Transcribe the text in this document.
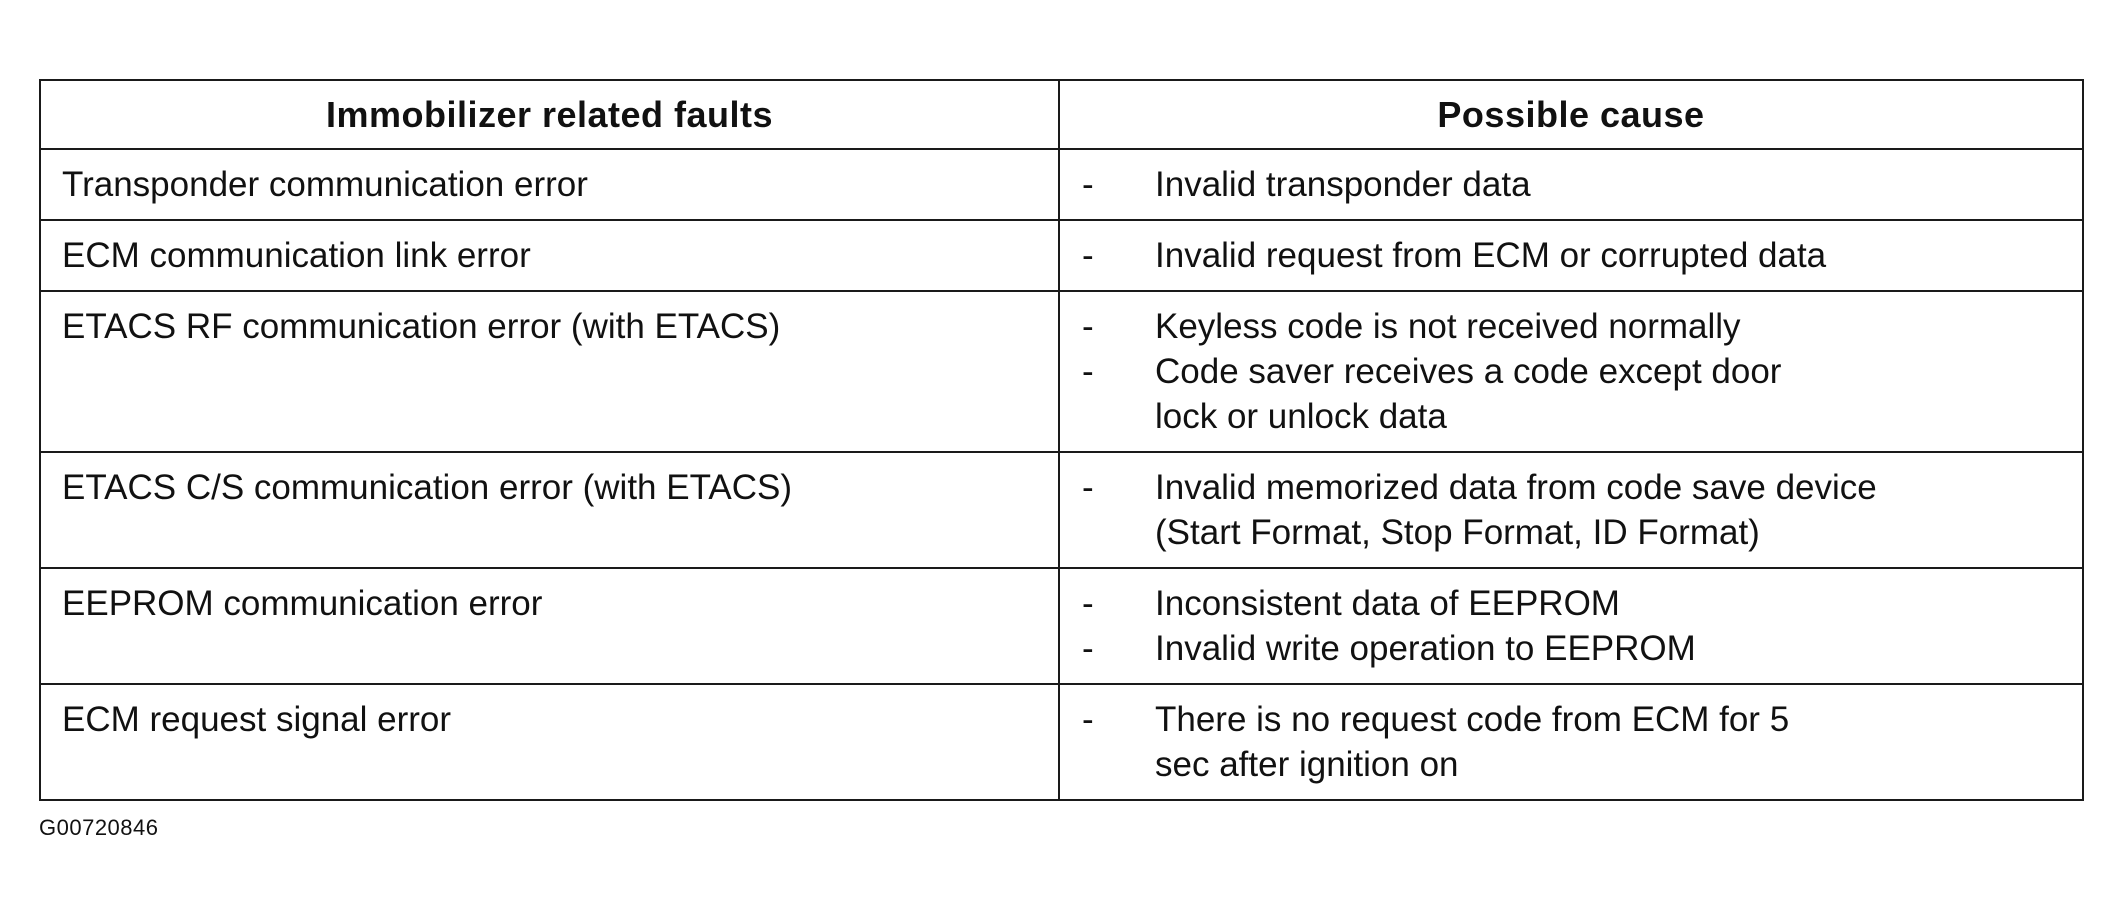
Immobilizer related faults	Possible cause
Transponder communication error	- Invalid transponder data

ECM communication link error	- Invalid request from ECM or corrupted data

ETACS RF communication error (with ETACS)	- Keyless code is not received normally
- Code saver receives a code except door
lock or unlock data

ETACS C/S communication error (with ETACS)	- Invalid memorized data from code save device
(Start Format, Stop Format, ID Format)

EEPROM communication error	- Inconsistent data of EEPROM
- Invalid write operation to EEPROM

ECM request signal error	- There is no request code from ECM for 5
sec after ignition on
G00720846
